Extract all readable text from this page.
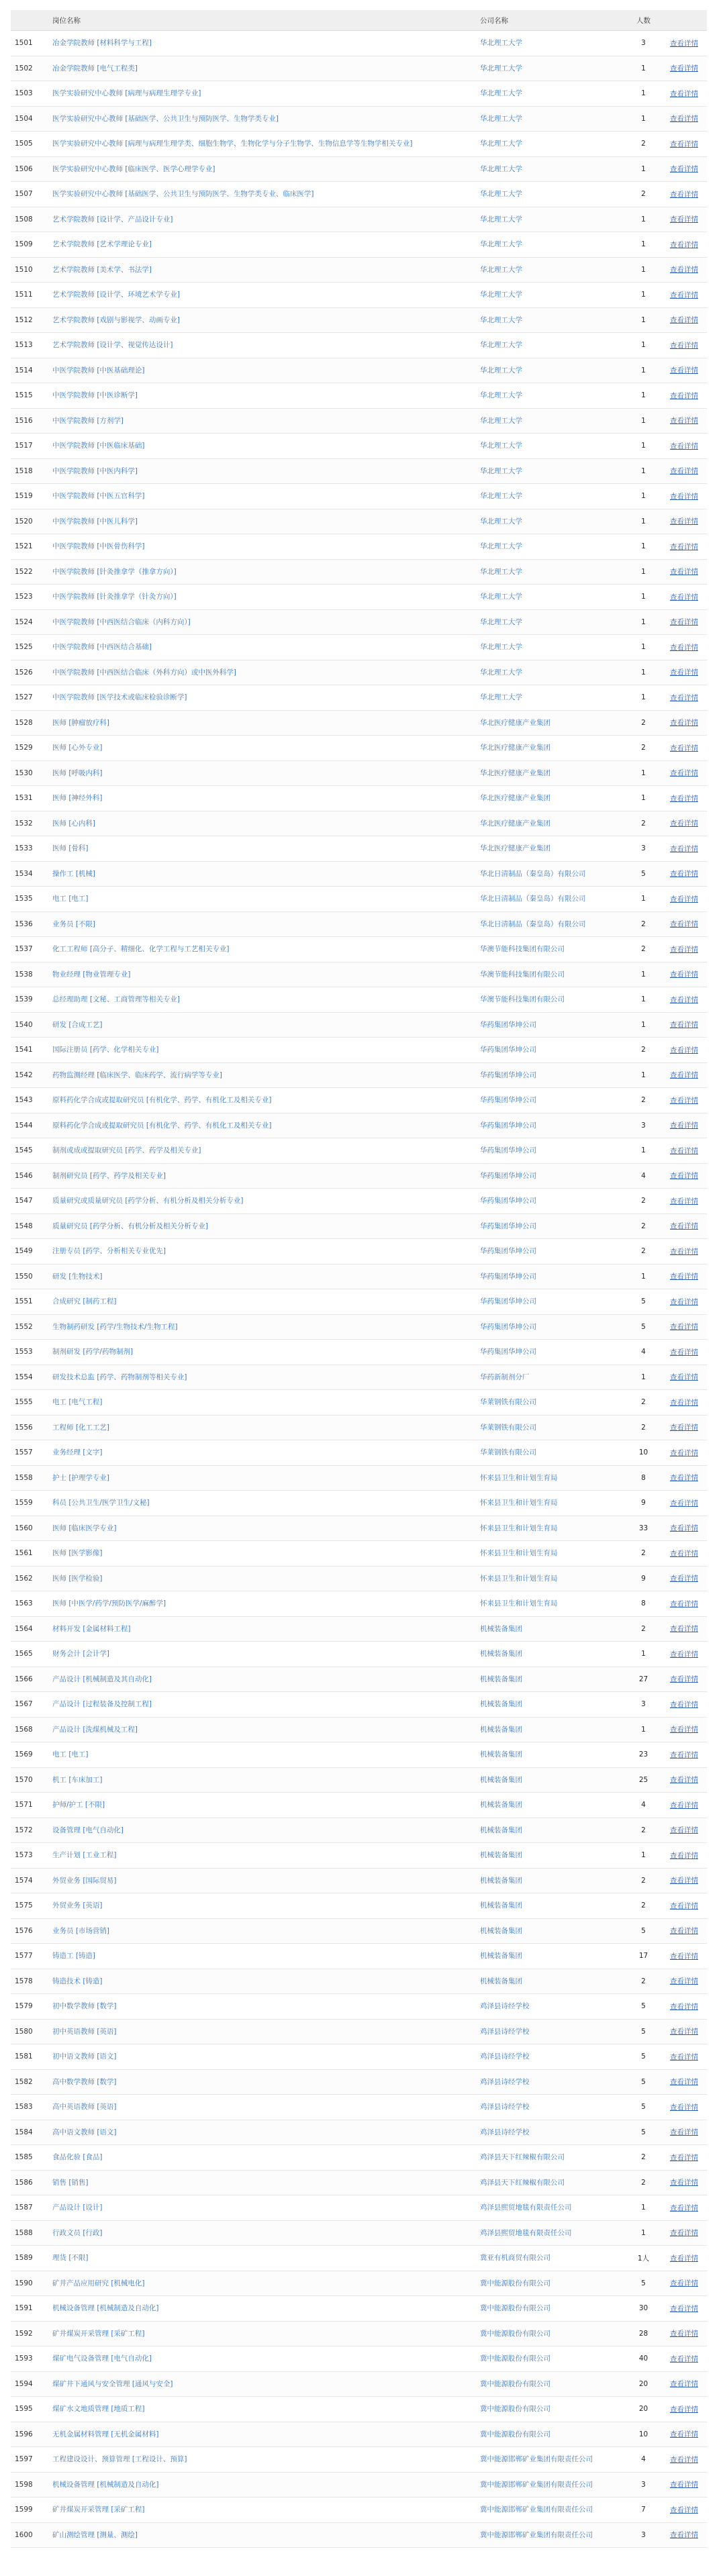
	岗位名称	公司名称	人数	
1501	冶金学院教师 [材料科学与工程]	华北理工大学	3	查看详情
1502	冶金学院教师 [电气工程类]	华北理工大学	1	查看详情
1503	医学实验研究中心教师 [病理与病理生理学专业]	华北理工大学	1	查看详情
1504	医学实验研究中心教师 [基础医学、公共卫生与预防医学、生物学类专业]	华北理工大学	1	查看详情
1505	医学实验研究中心教师 [病理与病理生理学类、细胞生物学、生物化学与分子生物学、生物信息学等生物学相关专业]	华北理工大学	2	查看详情
1506	医学实验研究中心教师 [临床医学、医学心理学专业]	华北理工大学	1	查看详情
1507	医学实验研究中心教师 [基础医学、公共卫生与预防医学、生物学类专业、临床医学]	华北理工大学	2	查看详情
1508	艺术学院教师 [设计学、产品设计专业]	华北理工大学	1	查看详情
1509	艺术学院教师 [艺术学理论专业]	华北理工大学	1	查看详情
1510	艺术学院教师 [美术学、书法学]	华北理工大学	1	查看详情
1511	艺术学院教师 [设计学、环境艺术学专业]	华北理工大学	1	查看详情
1512	艺术学院教师 [戏剧与影视学、动画专业]	华北理工大学	1	查看详情
1513	艺术学院教师 [设计学、视觉传达设计]	华北理工大学	1	查看详情
1514	中医学院教师 [中医基础理论]	华北理工大学	1	查看详情
1515	中医学院教师 [中医诊断学]	华北理工大学	1	查看详情
1516	中医学院教师 [方剂学]	华北理工大学	1	查看详情
1517	中医学院教师 [中医临床基础]	华北理工大学	1	查看详情
1518	中医学院教师 [中医内科学]	华北理工大学	1	查看详情
1519	中医学院教师 [中医五官科学]	华北理工大学	1	查看详情
1520	中医学院教师 [中医儿科学]	华北理工大学	1	查看详情
1521	中医学院教师 [中医骨伤科学]	华北理工大学	1	查看详情
1522	中医学院教师 [针灸推拿学（推拿方向）]	华北理工大学	1	查看详情
1523	中医学院教师 [针灸推拿学（针灸方向）]	华北理工大学	1	查看详情
1524	中医学院教师 [中西医结合临床（内科方向）]	华北理工大学	1	查看详情
1525	中医学院教师 [中西医结合基础]	华北理工大学	1	查看详情
1526	中医学院教师 [中西医结合临床（外科方向）或中医外科学]	华北理工大学	1	查看详情
1527	中医学院教师 [医学技术或临床检验诊断学]	华北理工大学	1	查看详情
1528	医师 [肿瘤放疗科]	华北医疗健康产业集团	2	查看详情
1529	医师 [心外专业]	华北医疗健康产业集团	2	查看详情
1530	医师 [呼吸内科]	华北医疗健康产业集团	1	查看详情
1531	医师 [神经外科]	华北医疗健康产业集团	1	查看详情
1532	医师 [心内科]	华北医疗健康产业集团	2	查看详情
1533	医师 [骨科]	华北医疗健康产业集团	3	查看详情
1534	操作工 [机械]	华北日清制品（秦皇岛）有限公司	5	查看详情
1535	电工 [电工]	华北日清制品（秦皇岛）有限公司	1	查看详情
1536	业务员 [不限]	华北日清制品（秦皇岛）有限公司	2	查看详情
1537	化工工程师 [高分子、精细化、化学工程与工艺相关专业]	华澳节能科技集团有限公司	2	查看详情
1538	物业经理 [物业管理专业]	华澳节能科技集团有限公司	1	查看详情
1539	总经理助理 [文秘、工商管理等相关专业]	华澳节能科技集团有限公司	1	查看详情
1540	研发 [合成工艺]	华药集团华坤公司	1	查看详情
1541	国际注册员 [药学、化学相关专业]	华药集团华坤公司	2	查看详情
1542	药物监测经理 [临床医学、临床药学、流行病学等专业]	华药集团华坤公司	1	查看详情
1543	原料药化学合成或提取研究员 [有机化学、药学、有机化工及相关专业]	华药集团华坤公司	2	查看详情
1544	原料药化学合成或提取研究员 [有机化学、药学、有机化工及相关专业]	华药集团华坤公司	3	查看详情
1545	制剂或成或提取研究员 [药学、药学及相关专业]	华药集团华坤公司	1	查看详情
1546	制剂研究员 [药学、药学及相关专业]	华药集团华坤公司	4	查看详情
1547	质量研究或质量研究员 [药学分析、有机分析及相关分析专业]	华药集团华坤公司	2	查看详情
1548	质量研究员 [药学分析、有机分析及相关分析专业]	华药集团华坤公司	2	查看详情
1549	注册专员 [药学、分析相关专业优先]	华药集团华坤公司	2	查看详情
1550	研发 [生物技术]	华药集团华坤公司	1	查看详情
1551	合成研究 [制药工程]	华药集团华坤公司	5	查看详情
1552	生物制药研发 [药学/生物技术/生物工程]	华药集团华坤公司	5	查看详情
1553	制剂研发 [药学/药物制剂]	华药集团华坤公司	4	查看详情
1554	研发技术总监 [药学、药物制剂等相关专业]	华药新制剂分厂	1	查看详情
1555	电工 [电气工程]	华莱钢铁有限公司	2	查看详情
1556	工程师 [化工工艺]	华莱钢铁有限公司	2	查看详情
1557	业务经理 [文字]	华莱钢铁有限公司	10	查看详情
1558	护士 [护理学专业]	怀来县卫生和计划生育局	8	查看详情
1559	科员 [公共卫生/医学卫生/文秘]	怀来县卫生和计划生育局	9	查看详情
1560	医师 [临床医学专业]	怀来县卫生和计划生育局	33	查看详情
1561	医师 [医学影像]	怀来县卫生和计划生育局	2	查看详情
1562	医师 [医学检验]	怀来县卫生和计划生育局	9	查看详情
1563	医师 [中医学/药学/预防医学/麻醉学]	怀来县卫生和计划生育局	8	查看详情
1564	材料开发 [金属材料工程]	机械装备集团	2	查看详情
1565	财务会计 [会计学]	机械装备集团	1	查看详情
1566	产品设计 [机械制造及其自动化]	机械装备集团	27	查看详情
1567	产品设计 [过程装备及控制工程]	机械装备集团	3	查看详情
1568	产品设计 [洗煤机械及工程]	机械装备集团	1	查看详情
1569	电工 [电工]	机械装备集团	23	查看详情
1570	机工 [车床加工]	机械装备集团	25	查看详情
1571	护师/护工 [不限]	机械装备集团	4	查看详情
1572	设备管理 [电气自动化]	机械装备集团	2	查看详情
1573	生产计划 [工业工程]	机械装备集团	1	查看详情
1574	外贸业务 [国际贸易]	机械装备集团	2	查看详情
1575	外贸业务 [英语]	机械装备集团	2	查看详情
1576	业务员 [市场营销]	机械装备集团	5	查看详情
1577	铸造工 [铸造]	机械装备集团	17	查看详情
1578	铸造技术 [铸造]	机械装备集团	2	查看详情
1579	初中数学教师 [数学]	鸡泽县诗经学校	5	查看详情
1580	初中英语教师 [英语]	鸡泽县诗经学校	5	查看详情
1581	初中语文教师 [语文]	鸡泽县诗经学校	5	查看详情
1582	高中数学教师 [数学]	鸡泽县诗经学校	5	查看详情
1583	高中英语教师 [英语]	鸡泽县诗经学校	5	查看详情
1584	高中语文教师 [语文]	鸡泽县诗经学校	5	查看详情
1585	食品化验 [食品]	鸡泽县天下红辣椒有限公司	2	查看详情
1586	销售 [销售]	鸡泽县天下红辣椒有限公司	2	查看详情
1587	产品设计 [设计]	鸡泽县熙贸地毯有限责任公司	1	查看详情
1588	行政文员 [行政]	鸡泽县熙贸地毯有限责任公司	1	查看详情
1589	理货 [不限]	冀亚有机商贸有限公司	1人	查看详情
1590	矿井产品应用研究 [机械电化]	冀中能源股份有限公司	5	查看详情
1591	机械设备管理 [机械制造及自动化]	冀中能源股份有限公司	30	查看详情
1592	矿井煤炭开采管理 [采矿工程]	冀中能源股份有限公司	28	查看详情
1593	煤矿电气设备管理 [电气自动化]	冀中能源股份有限公司	40	查看详情
1594	煤矿井下通风与安全管理 [通风与安全]	冀中能源股份有限公司	20	查看详情
1595	煤矿水文地质管理 [地质工程]	冀中能源股份有限公司	20	查看详情
1596	无机金属材料管理 [无机金属材料]	冀中能源股份有限公司	10	查看详情
1597	工程建设设计、预算管理 [工程设计、预算]	冀中能源邯郸矿业集团有限责任公司	4	查看详情
1598	机械设备管理 [机械制造及自动化]	冀中能源邯郸矿业集团有限责任公司	3	查看详情
1599	矿井煤炭开采管理 [采矿工程]	冀中能源邯郸矿业集团有限责任公司	7	查看详情
1600	矿山测绘管理 [测量、测绘]	冀中能源邯郸矿业集团有限责任公司	3	查看详情
